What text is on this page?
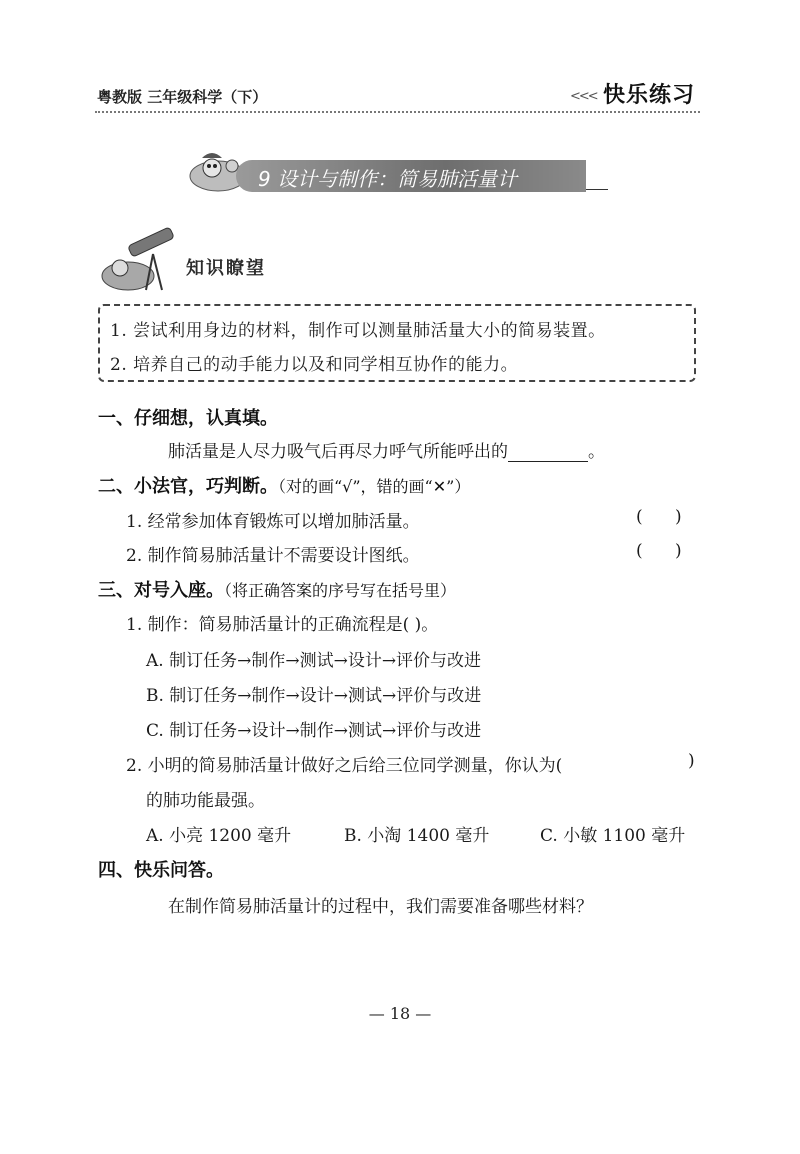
粤教版 三年级科学（下）	<<< 快乐练习
9 设计与制作：简易肺活量计
知识瞭望
1. 尝试利用身边的材料，制作可以测量肺活量大小的简易装置。
2. 培养自己的动手能力以及和同学相互协作的能力。
一、仔细想，认真填。
肺活量是人尽力吸气后再尽力呼气所能呼出的	。
二、小法官，巧判断。（对的画“√”，错的画“✕”）
1. 经常参加体育锻炼可以增加肺活量。	(      )
2. 制作简易肺活量计不需要设计图纸。	(      )
三、对号入座。（将正确答案的序号写在括号里）
1. 制作：简易肺活量计的正确流程是( )。
A. 制订任务→制作→测试→设计→评价与改进
B. 制订任务→制作→设计→测试→评价与改进
C. 制订任务→设计→制作→测试→评价与改进
2. 小明的简易肺活量计做好之后给三位同学测量，你认为(	)
的肺功能最强。
A. 小亮 1200 毫升	B. 小淘 1400 毫升	C. 小敏 1100 毫升
四、快乐问答。
在制作简易肺活量计的过程中，我们需要准备哪些材料？
— 18 —
